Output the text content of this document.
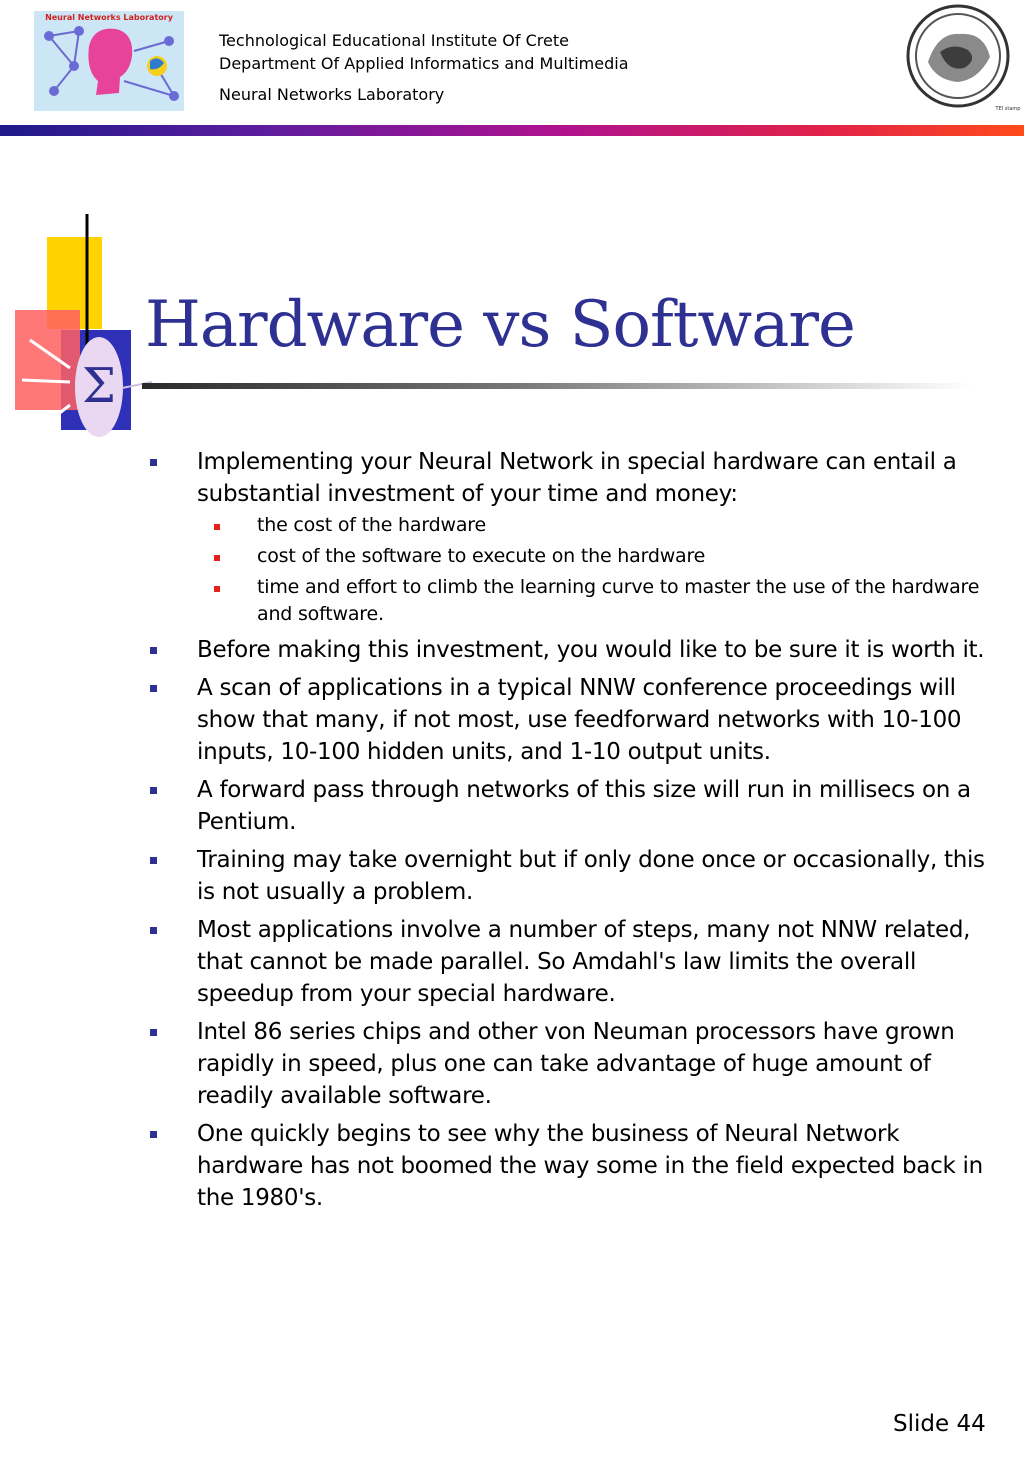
Neural Networks Laboratory
Technological Educational Institute Of Crete
Department Of Applied Informatics and Multimedia
Neural Networks Laboratory
TEI stamp
Σ
Hardware vs Software
Implementing your Neural Network in special hardware can entail a substantial investment of your time and money:
the cost of the hardware
cost of the software to execute on the hardware
time and effort to climb the learning curve to master the use of the hardware and software.
Before making this investment, you would like to be sure it is worth it.
A scan of applications in a typical NNW conference proceedings will show that many, if not most, use feedforward networks with 10-100 inputs, 10-100 hidden units, and 1-10 output units.
A forward pass through networks of this size will run in millisecs on a Pentium.
Training may take overnight but if only done once or occasionally, this is not usually a problem.
Most applications involve a number of steps, many not NNW related, that cannot be made parallel. So Amdahl's law limits the overall speedup from your special hardware.
Intel 86 series chips and other von Neuman processors have grown rapidly in speed, plus one can take advantage of huge amount of readily available software.
One quickly begins to see why the business of Neural Network hardware has not boomed the way some in the field expected back in the 1980's.
Slide 44
